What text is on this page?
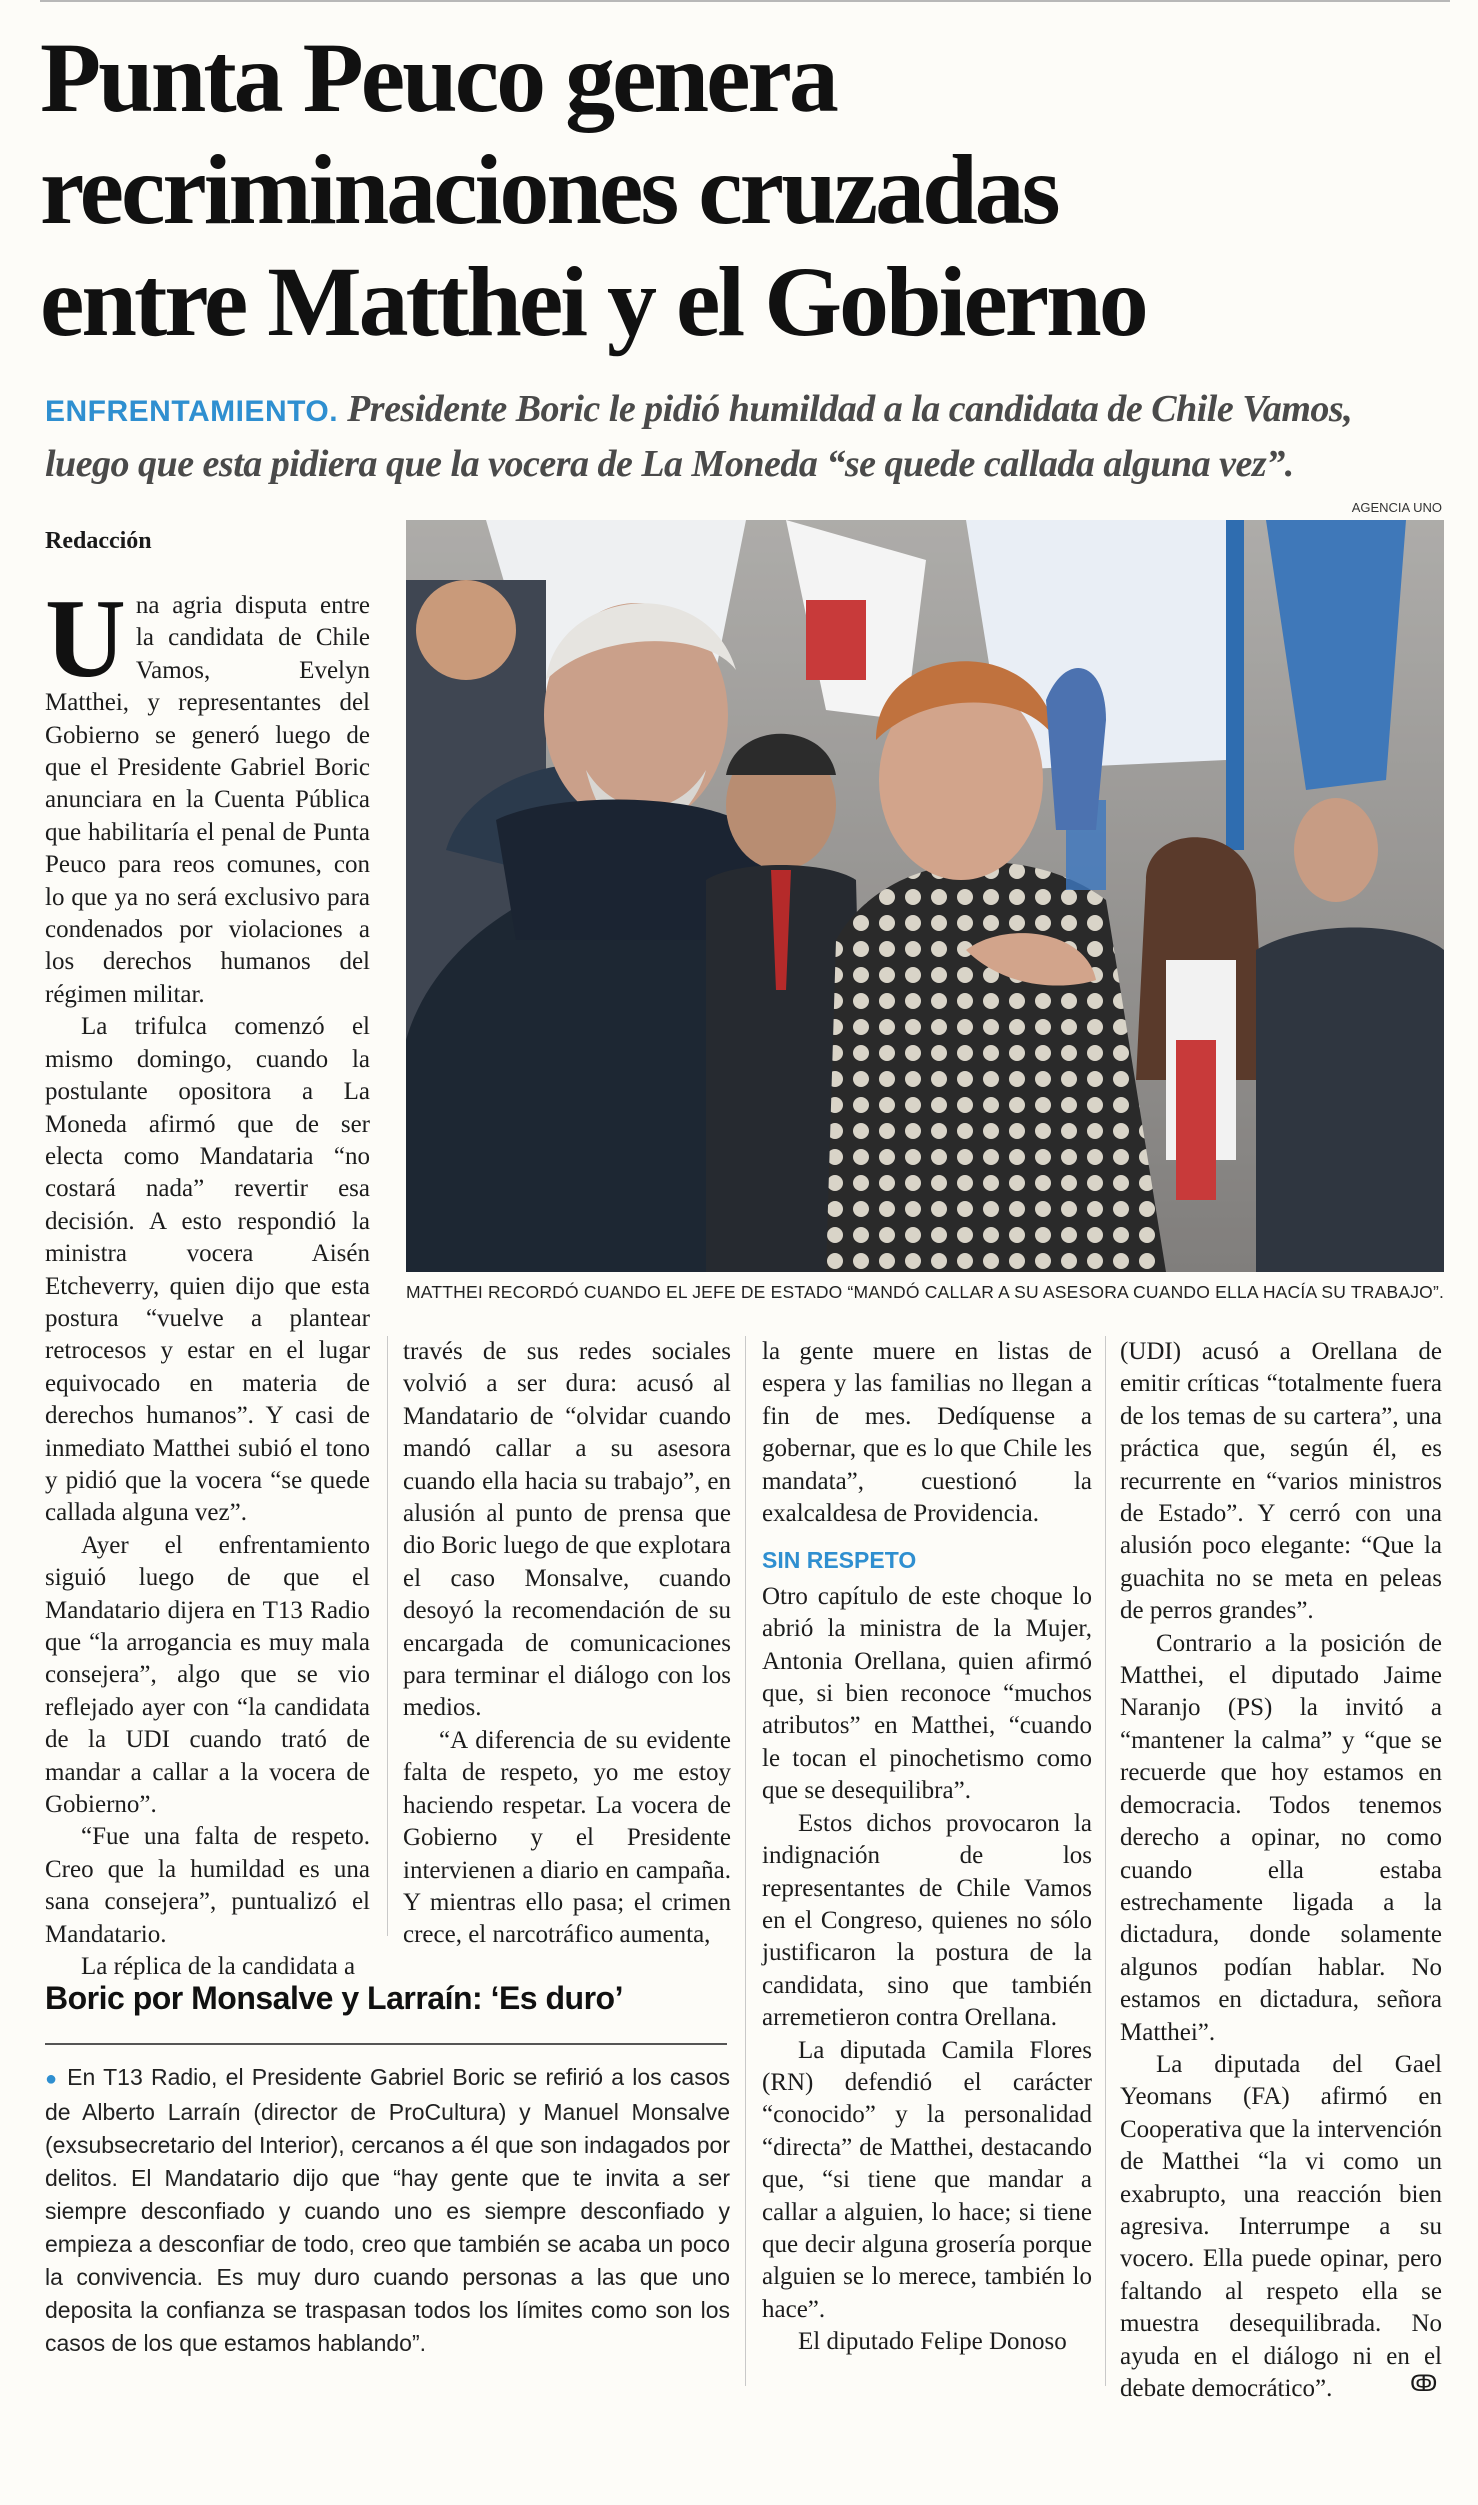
Punta Peuco genera
recriminaciones cruzadas
entre Matthei y el Gobierno
ENFRENTAMIENTO. Presidente Boric le pidió humildad a la candidata de Chile Vamos, luego que esta pidiera que la vocera de La Moneda “se quede callada alguna vez”.
Redacción
AGENCIA UNO
MATTHEI RECORDÓ CUANDO EL JEFE DE ESTADO “MANDÓ CALLAR A SU ASESORA CUANDO ELLA HACÍA SU TRABAJO”.

Una agria disputa entre la candidata de Chile Vamos, Evelyn Matthei, y representantes del Gobierno se generó luego de que el Presidente Gabriel Boric anunciara en la Cuenta Pública que habilitaría el penal de Punta Peuco para reos comunes, con lo que ya no será exclusivo para condenados por violaciones a los derechos humanos del régimen militar.

La trifulca comenzó el mismo domingo, cuando la postulante opositora a La Moneda afirmó que de ser electa como Mandataria “no costará nada” revertir esa decisión. A esto respondió la ministra vocera Aisén Etcheverry, quien dijo que esta postura “vuelve a plantear retrocesos y estar en el lugar equivocado en materia de derechos humanos”. Y casi de inmediato Matthei subió el tono y pidió que la vocera “se quede callada alguna vez”.

Ayer el enfrentamiento siguió luego de que el Mandatario dijera en T13 Radio que “la arrogancia es muy mala consejera”, algo que se vio reflejado ayer con “la candidata de la UDI cuando trató de mandar a callar a la vocera de Gobierno”.

“Fue una falta de respeto. Creo que la humildad es una sana consejera”, puntualizó el Mandatario.

La réplica de la candidata a

través de sus redes sociales volvió a ser dura: acusó al Mandatario de “olvidar cuando mandó callar a su asesora cuando ella hacia su trabajo”, en alusión al punto de prensa que dio Boric luego de que explotara el caso Monsalve, cuando desoyó la recomendación de su encargada de comunicaciones para terminar el diálogo con los medios.

“A diferencia de su evidente falta de respeto, yo me estoy haciendo respetar. La vocera de Gobierno y el Presidente intervienen a diario en campaña. Y mientras ello pasa; el crimen crece, el narcotráfico aumenta,

la gente muere en listas de espera y las familias no llegan a fin de mes. Dedíquense a gobernar, que es lo que Chile les mandata”, cuestionó la exalcaldesa de Providencia.

SIN RESPETO

Otro capítulo de este choque lo abrió la ministra de la Mujer, Antonia Orellana, quien afirmó que, si bien reconoce “muchos atributos” en Matthei, “cuando le tocan el pinochetismo como que se desequilibra”.

Estos dichos provocaron la indignación de los representantes de Chile Vamos en el Congreso, quienes no sólo justificaron la postura de la candidata, sino que también arremetieron contra Orellana.

La diputada Camila Flores (RN) defendió el carácter “conocido” y la personalidad “directa” de Matthei, destacando que, “si tiene que mandar a callar a alguien, lo hace; si tiene que decir alguna grosería porque alguien se lo merece, también lo hace”.

El diputado Felipe Donoso

(UDI) acusó a Orellana de emitir críticas “totalmente fuera de los temas de su cartera”, una práctica que, según él, es recurrente en “varios ministros de Estado”. Y cerró con una alusión poco elegante: “Que la guachita no se meta en peleas de perros grandes”.

Contrario a la posición de Matthei, el diputado Jaime Naranjo (PS) la invitó a “mantener la calma” y “que se recuerde que hoy estamos en democracia. Todos tenemos derecho a opinar, no como cuando ella estaba estrechamente ligada a la dictadura, donde solamente algunos podían hablar. No estamos en dictadura, señora Matthei”.

La diputada del Gael Yeomans (FA) afirmó en Cooperativa que la intervención de Matthei “la vi como un exabrupto, una reacción bien agresiva. Interrumpe a su vocero. Ella puede opinar, pero faltando al respeto ella se muestra desequilibrada. No ayuda en el diálogo ni en el debate democrático”.	ↂ
Boric por Monsalve y Larraín: ‘Es duro’
● En T13 Radio, el Presidente Gabriel Boric se refirió a los casos de Alberto Larraín (director de ProCultura) y Manuel Monsalve (exsubsecretario del Interior), cercanos a él que son indagados por delitos. El Mandatario dijo que “hay gente que te invita a ser siempre desconfiado y cuando uno es siempre desconfiado y empieza a desconfiar de todo, creo que también se acaba un poco la convivencia. Es muy duro cuando personas a las que uno deposita la confianza se traspasan todos los límites como son los casos de los que estamos hablando”.
